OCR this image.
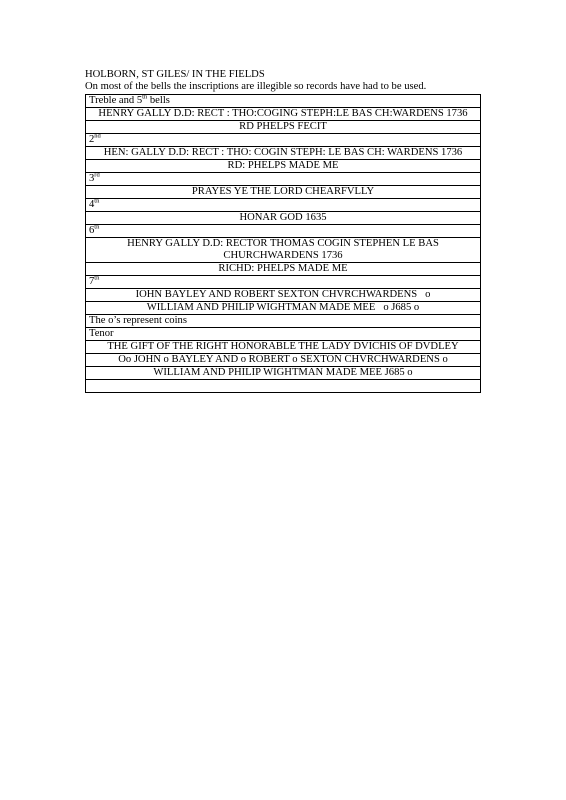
HOLBORN, ST GILES/ IN THE FIELDS
On most of the bells the inscriptions are illegible so records have had to be used.
Treble and 5th bells
HENRY GALLY D.D: RECT : THO:COGING STEPH:LE BAS CH:WARDENS 1736
RD PHELPS FECIT
2nd
HEN: GALLY D.D: RECT : THO: COGIN STEPH: LE BAS CH: WARDENS 1736
RD: PHELPS MADE ME
3rd
PRAYES YE THE LORD CHEARFVLLY
4th
HONAR GOD 1635
6th
HENRY GALLY D.D: RECTOR THOMAS COGIN STEPHEN LE BAS CHURCHWARDENS 1736
RICHD: PHELPS MADE ME
7th
IOHN BAYLEY AND ROBERT SEXTON CHVRCHWARDENS   o
WILLIAM AND PHILIP WIGHTMAN MADE MEE   o J685 o
The o’s represent coins
Tenor
THE GIFT OF THE RIGHT HONORABLE THE LADY DVICHIS OF DVDLEY
Oo JOHN o BAYLEY AND o ROBERT o SEXTON CHVRCHWARDENS o
WILLIAM AND PHILIP WIGHTMAN MADE MEE J685 o
